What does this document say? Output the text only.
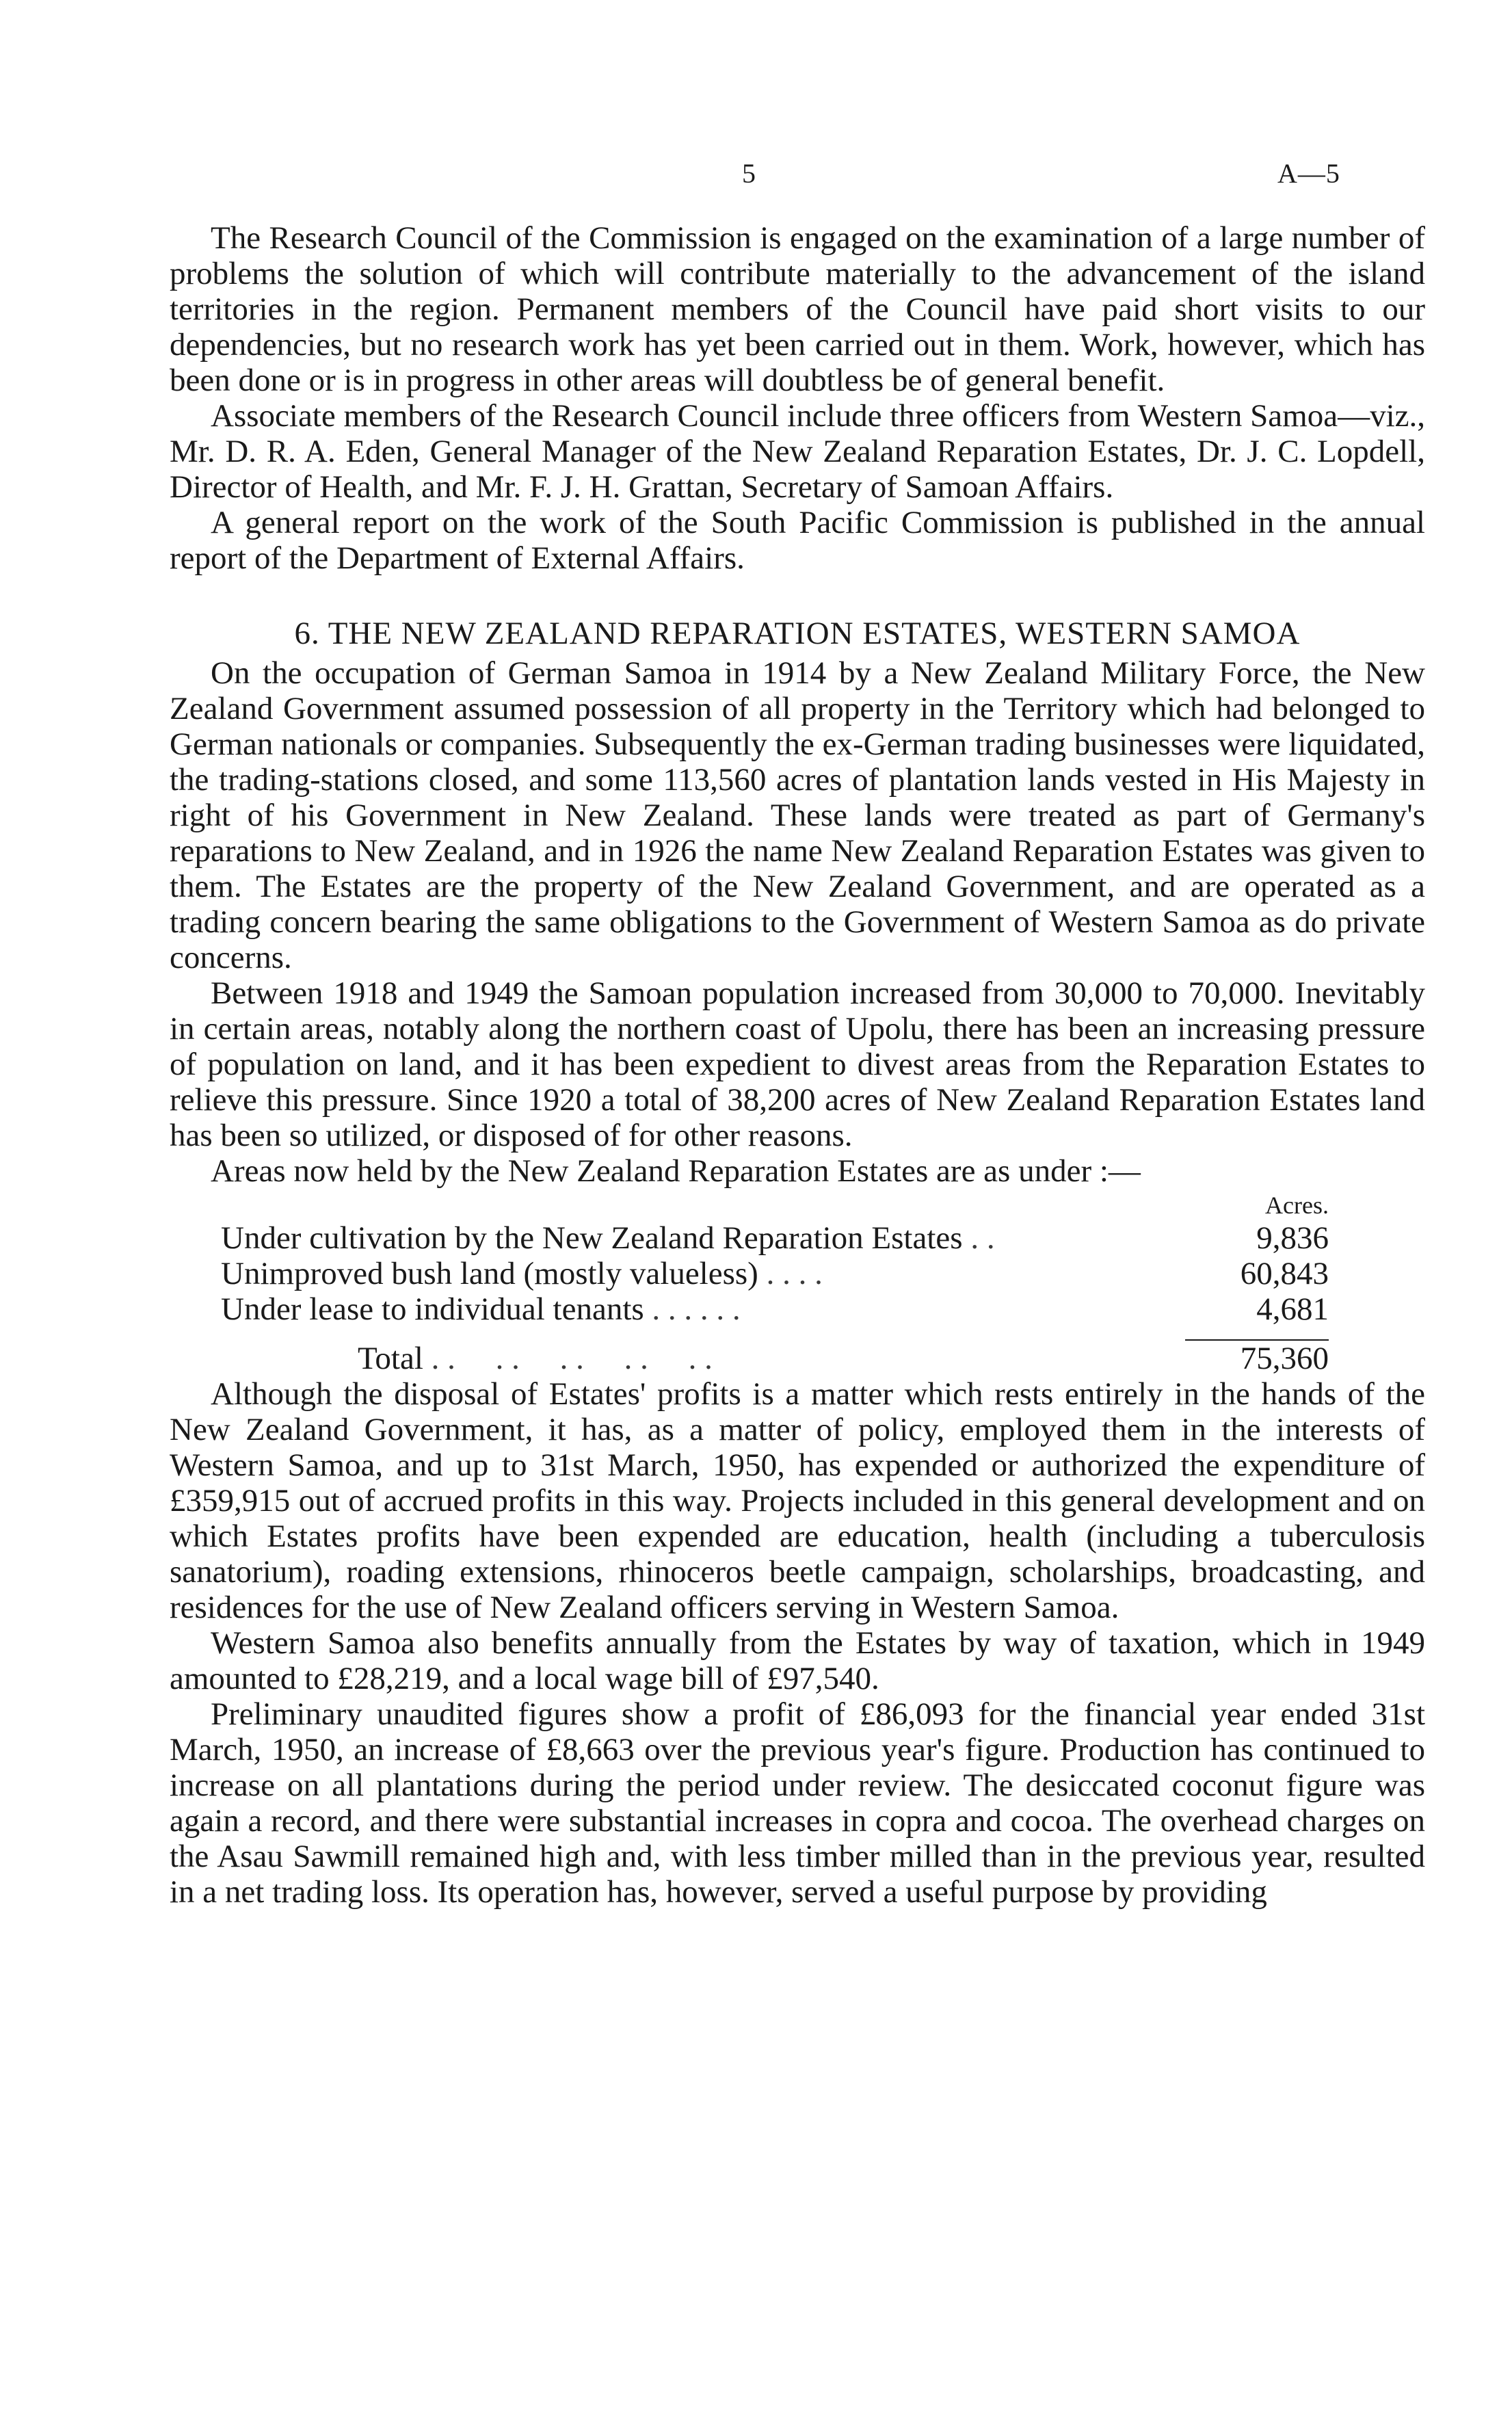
5	A—5

The Research Council of the Commission is engaged on the examination of a large number of problems the solution of which will contribute materially to the advancement of the island territories in the region. Permanent members of the Council have paid short visits to our dependencies, but no research work has yet been carried out in them. Work, however, which has been done or is in progress in other areas will doubtless be of general benefit.

Associate members of the Research Council include three officers from Western Samoa—viz., Mr. D. R. A. Eden, General Manager of the New Zealand Reparation Estates, Dr. J. C. Lopdell, Director of Health, and Mr. F. J. H. Grattan, Secretary of Samoan Affairs.

A general report on the work of the South Pacific Commission is published in the annual report of the Department of External Affairs.

6. THE NEW ZEALAND REPARATION ESTATES, WESTERN SAMOA

On the occupation of German Samoa in 1914 by a New Zealand Military Force, the New Zealand Government assumed possession of all property in the Territory which had belonged to German nationals or companies. Subsequently the ex-German trading businesses were liquidated, the trading-stations closed, and some 113,560 acres of plantation lands vested in His Majesty in right of his Government in New Zealand. These lands were treated as part of Germany's reparations to New Zealand, and in 1926 the name New Zealand Reparation Estates was given to them. The Estates are the property of the New Zealand Government, and are operated as a trading concern bearing the same obligations to the Government of Western Samoa as do private concerns.

Between 1918 and 1949 the Samoan population increased from 30,000 to 70,000. Inevitably in certain areas, notably along the northern coast of Upolu, there has been an increasing pressure of population on land, and it has been expedient to divest areas from the Reparation Estates to relieve this pressure. Since 1920 a total of 38,200 acres of New Zealand Reparation Estates land has been so utilized, or disposed of for other reasons.

Areas now held by the New Zealand Reparation Estates are as under :—

	Acres.
Under cultivation by the New Zealand Reparation Estates . .	9,836
Unimproved bush land (mostly valueless) . . . .	60,843
Under lease to individual tenants . . . . . .	4,681

Total . .     . .     . .     . .     . .	75,360

Although the disposal of Estates' profits is a matter which rests entirely in the hands of the New Zealand Government, it has, as a matter of policy, employed them in the interests of Western Samoa, and up to 31st March, 1950, has expended or authorized the expenditure of £359,915 out of accrued profits in this way. Projects included in this general development and on which Estates profits have been expended are education, health (including a tuberculosis sanatorium), roading extensions, rhinoceros beetle campaign, scholarships, broadcasting, and residences for the use of New Zealand officers serving in Western Samoa.

Western Samoa also benefits annually from the Estates by way of taxation, which in 1949 amounted to £28,219, and a local wage bill of £97,540.

Preliminary unaudited figures show a profit of £86,093 for the financial year ended 31st March, 1950, an increase of £8,663 over the previous year's figure. Production has continued to increase on all plantations during the period under review. The desiccated coconut figure was again a record, and there were substantial increases in copra and cocoa. The overhead charges on the Asau Sawmill remained high and, with less timber milled than in the previous year, resulted in a net trading loss. Its operation has, however, served a useful purpose by providing
